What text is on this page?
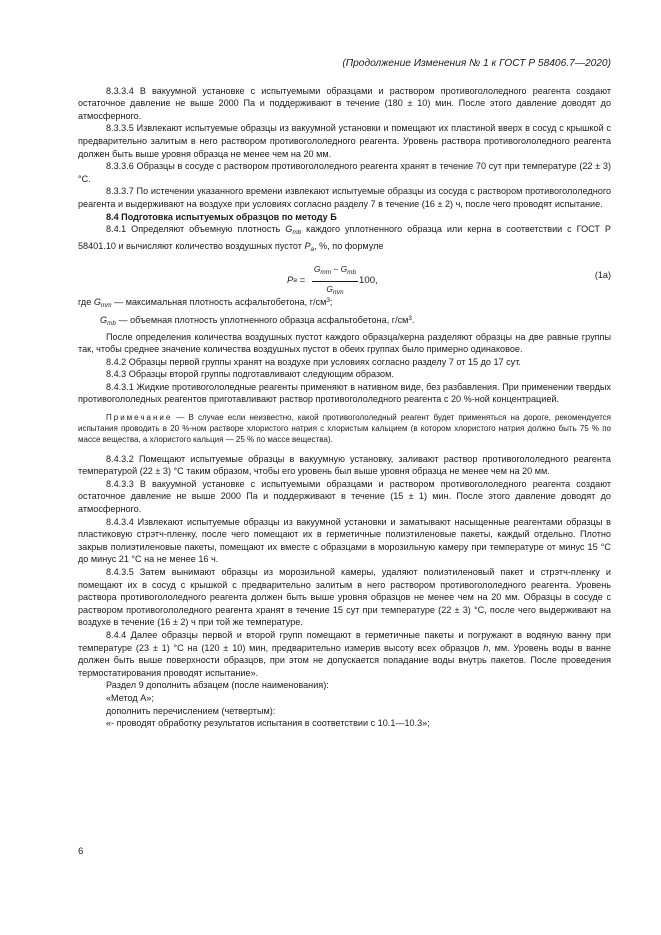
(Продолжение Изменения № 1 к ГОСТ Р 58406.7—2020)

8.3.3.4 В вакуумной установке с испытуемыми образцами и раствором противогололедного реагента создают остаточное давление не выше 2000 Па и поддерживают в течение (180 ± 10) мин. После этого давление доводят до атмосферного.

8.3.3.5 Извлекают испытуемые образцы из вакуумной установки и помещают их пластиной вверх в сосуд с крышкой с предварительно залитым в него раствором противогололедного реагента. Уровень раствора противогололедного реагента должен быть выше уровня образца не менее чем на 20 мм.

8.3.3.6 Образцы в сосуде с раствором противогололедного реагента хранят в течение 70 сут при температуре (22 ± 3) °С.

8.3.3.7 По истечении указанного времени извлекают испытуемые образцы из сосуда с раствором противогололедного реагента и выдерживают на воздухе при условиях согласно разделу 7 в течение (16 ± 2) ч, после чего проводят испытание.

8.4 Подготовка испытуемых образцов по методу Б

8.4.1 Определяют объемную плотность $G_{mb}$ каждого уплотненного образца или керна в соответствии с ГОСТ Р 58401.10 и вычисляют количество воздушных пустот $P_a$, %, по формуле

P $a = \frac{G_{mm} - G_{mb}}{G_{mm}} 100$,	(1а)

где $G_{mm}$ — максимальная плотность асфальтобетона, $г/см^3$;

$G_{mb}$ — объемная плотность уплотненного образца асфальтобетона, $г/см^3$.

После определения количества воздушных пустот каждого образца/керна разделяют образцы на две равные группы так, чтобы среднее значение количества воздушных пустот в обеих группах было примерно одинаковое.

8.4.2 Образцы первой группы хранят на воздухе при условиях согласно разделу 7 от 15 до 17 сут.

8.4.3 Образцы второй группы подготавливают следующим образом.

8.4.3.1 Жидкие противогололедные реагенты применяют в нативном виде, без разбавления. При применении твердых противогололедных реагентов приготавливают раствор противогололедного реагента с 20 %-ной концентрацией.

Примечание — В случае если неизвестно, какой противогололедный реагент будет применяться на дороге, рекомендуется испытания проводить в 20 %-ном растворе хлористого натрия с хлористым кальцием (в котором хлористого натрия должно быть 75 % по массе вещества, а хлористого кальция — 25 % по массе вещества).

8.4.3.2 Помещают испытуемые образцы в вакуумную установку, заливают раствор противогололедного реагента температурой (22 ± 3) °С таким образом, чтобы его уровень был выше уровня образца не менее чем на 20 мм.

8.4.3.3 В вакуумной установке с испытуемыми образцами и раствором противогололедного реагента создают остаточное давление не выше 2000 Па и поддерживают в течение (15 ± 1) мин. После этого давление доводят до атмосферного.

8.4.3.4 Извлекают испытуемые образцы из вакуумной установки и заматывают насыщенные реагентами образцы в пластиковую стрэтч-пленку, после чего помещают их в герметичные полиэтиленовые пакеты, каждый отдельно. Плотно закрыв полиэтиленовые пакеты, помещают их вместе с образцами в морозильную камеру при температуре от минус 15 °С до минус 21 °С на не менее 16 ч.

8.4.3.5 Затем вынимают образцы из морозильной камеры, удаляют полиэтиленовый пакет и стрэтч-пленку и помещают их в сосуд с крышкой с предварительно залитым в него раствором противогололедного реагента. Уровень раствора противогололедного реагента должен быть выше уровня образцов не менее чем на 20 мм. Образцы в сосуде с раствором противогололедного реагента хранят в течение 15 сут при температуре (22 ± 3) °С, после чего выдерживают на воздухе в течение (16 ± 2) ч при той же температуре.

8.4.4 Далее образцы первой и второй групп помещают в герметичные пакеты и погружают в водяную ванну при температуре (23 ± 1) °С на (120 ± 10) мин, предварительно измерив высоту всех образцов h, мм. Уровень воды в ванне должен быть выше поверхности образцов, при этом не допускается попадание воды внутрь пакетов. После проведения термостатирования проводят испытание».

Раздел 9 дополнить абзацем (после наименования):

«Метод А»;

дополнить перечислением (четвертым):

«- проводят обработку результатов испытания в соответствии с 10.1—10.3»;

6
